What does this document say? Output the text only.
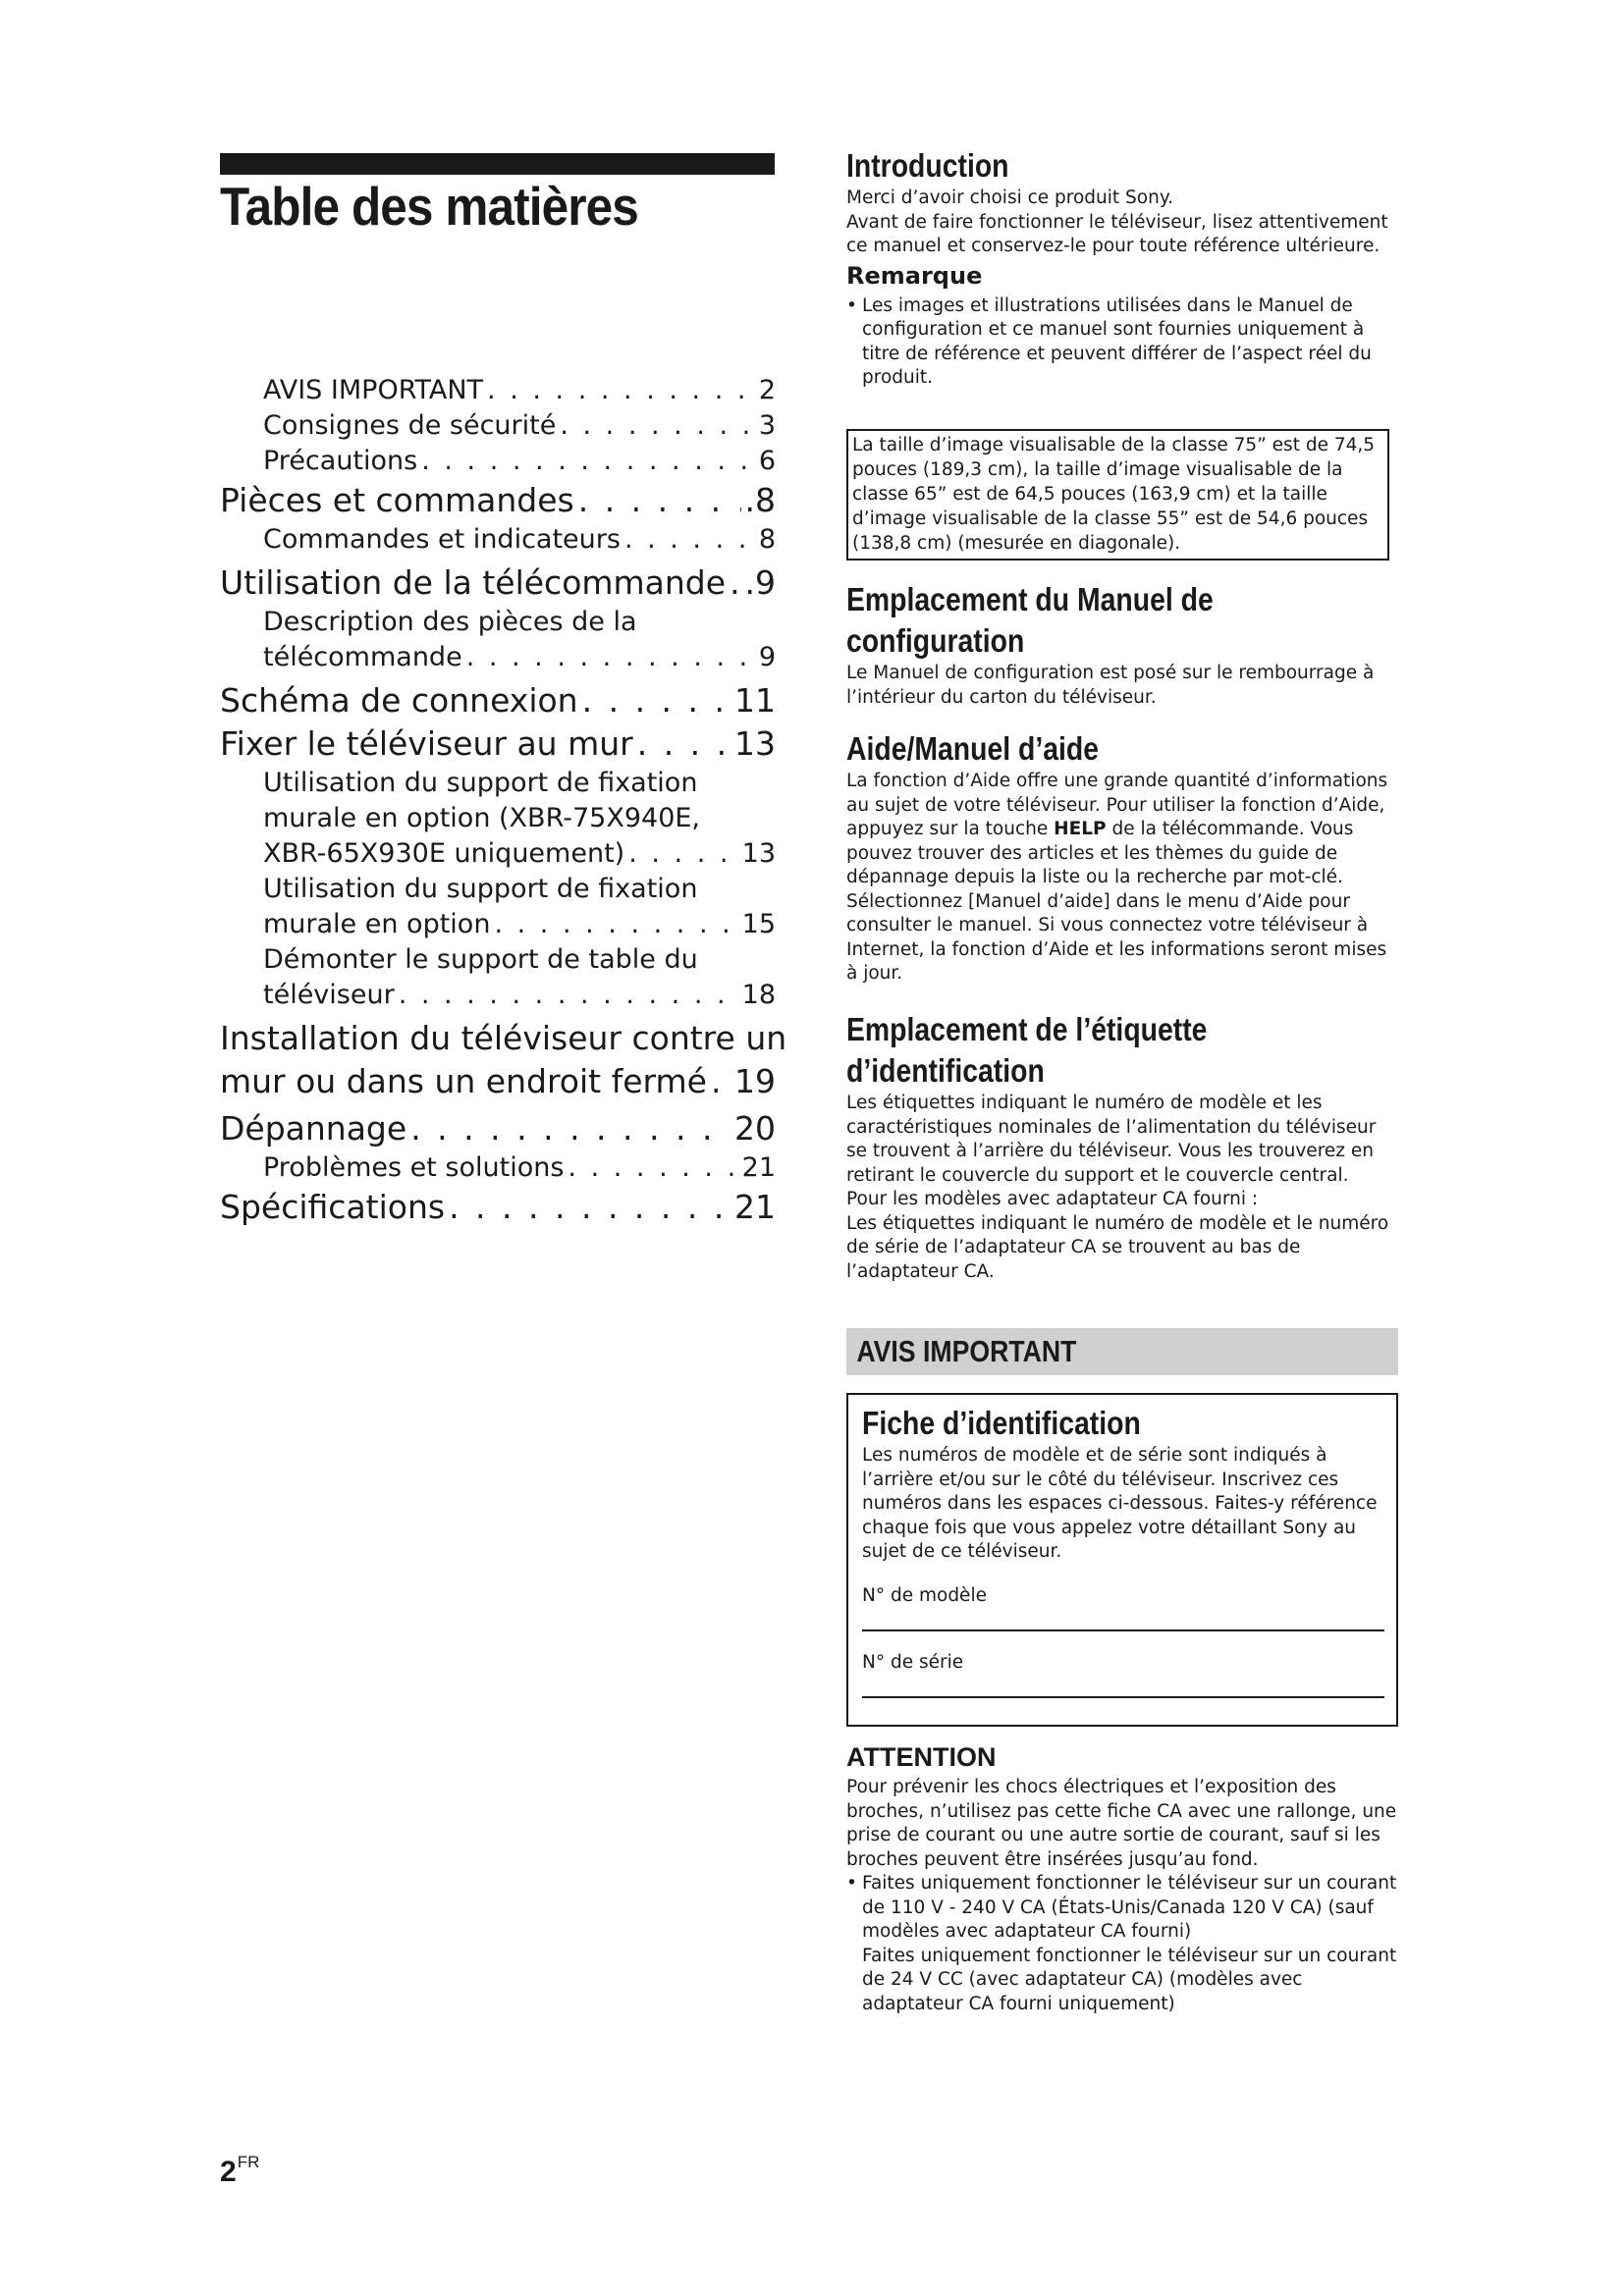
Table des matières
AVIS IMPORTANT . . .	2
Consignes de sécurité . . .	3
Précautions . . .	6
Pièces et commandes . . .	.8
Commandes et indicateurs . . .	8
Utilisation de la télécommande . . . .9
Description des pièces de la
télécommande . . .	9
Schéma de connexion . . .	11
Fixer le téléviseur au mur . . .	13
Utilisation du support de fixation
murale en option (XBR-75X940E,
XBR-65X930E uniquement) . . .	13
Utilisation du support de fixation
murale en option . . .	15
Démonter le support de table du
téléviseur . . .	18
Installation du téléviseur contre un
mur ou dans un endroit fermé . . . 19
Dépannage . . .	20
Problèmes et solutions . . .	21
Spécifications . . .	21
Introduction

Merci d’avoir choisi ce produit Sony.

Avant de faire fonctionner le téléviseur, lisez attentivement ce manuel et conservez-le pour toute référence ultérieure.

Remarque

• Les images et illustrations utilisées dans le Manuel de configuration et ce manuel sont fournies uniquement à titre de référence et peuvent différer de l’aspect réel du produit.

La taille d’image visualisable de la classe 75” est de 74,5 pouces (189,3 cm), la taille d’image visualisable de la classe 65” est de 64,5 pouces (163,9 cm) et la taille d’image visualisable de la classe 55” est de 54,6 pouces (138,8 cm) (mesurée en diagonale).
Emplacement du Manuel de
configuration

Le Manuel de configuration est posé sur le rembourrage à l’intérieur du carton du téléviseur.

Aide/Manuel d’aide

La fonction d’Aide offre une grande quantité d’informations au sujet de votre téléviseur. Pour utiliser la fonction d’Aide, appuyez sur la touche HELP de la télécommande. Vous pouvez trouver des articles et les thèmes du guide de dépannage depuis la liste ou la recherche par mot-clé. Sélectionnez [Manuel d’aide] dans le menu d’Aide pour consulter le manuel. Si vous connectez votre téléviseur à Internet, la fonction d’Aide et les informations seront mises à jour.

Emplacement de l’étiquette
d’identification

Les étiquettes indiquant le numéro de modèle et les caractéristiques nominales de l’alimentation du téléviseur se trouvent à l’arrière du téléviseur. Vous les trouverez en retirant le couvercle du support et le couvercle central.

Pour les modèles avec adaptateur CA fourni :

Les étiquettes indiquant le numéro de modèle et le numéro de série de l’adaptateur CA se trouvent au bas de l’adaptateur CA.

AVIS IMPORTANT
Fiche d’identification

Les numéros de modèle et de série sont indiqués à l’arrière et/ou sur le côté du téléviseur. Inscrivez ces numéros dans les espaces ci-dessous. Faites-y référence chaque fois que vous appelez votre détaillant Sony au sujet de ce téléviseur.

N° de modèle
N° de série
ATTENTION

Pour prévenir les chocs électriques et l’exposition des broches, n’utilisez pas cette fiche CA avec une rallonge, une prise de courant ou une autre sortie de courant, sauf si les broches peuvent être insérées jusqu’au fond.

• Faites uniquement fonctionner le téléviseur sur un courant de 110 V - 240 V CA (États-Unis/Canada 120 V CA) (sauf modèles avec adaptateur CA fourni)

Faites uniquement fonctionner le téléviseur sur un courant de 24 V CC (avec adaptateur CA) (modèles avec adaptateur CA fourni uniquement)

$2^{FR}$
